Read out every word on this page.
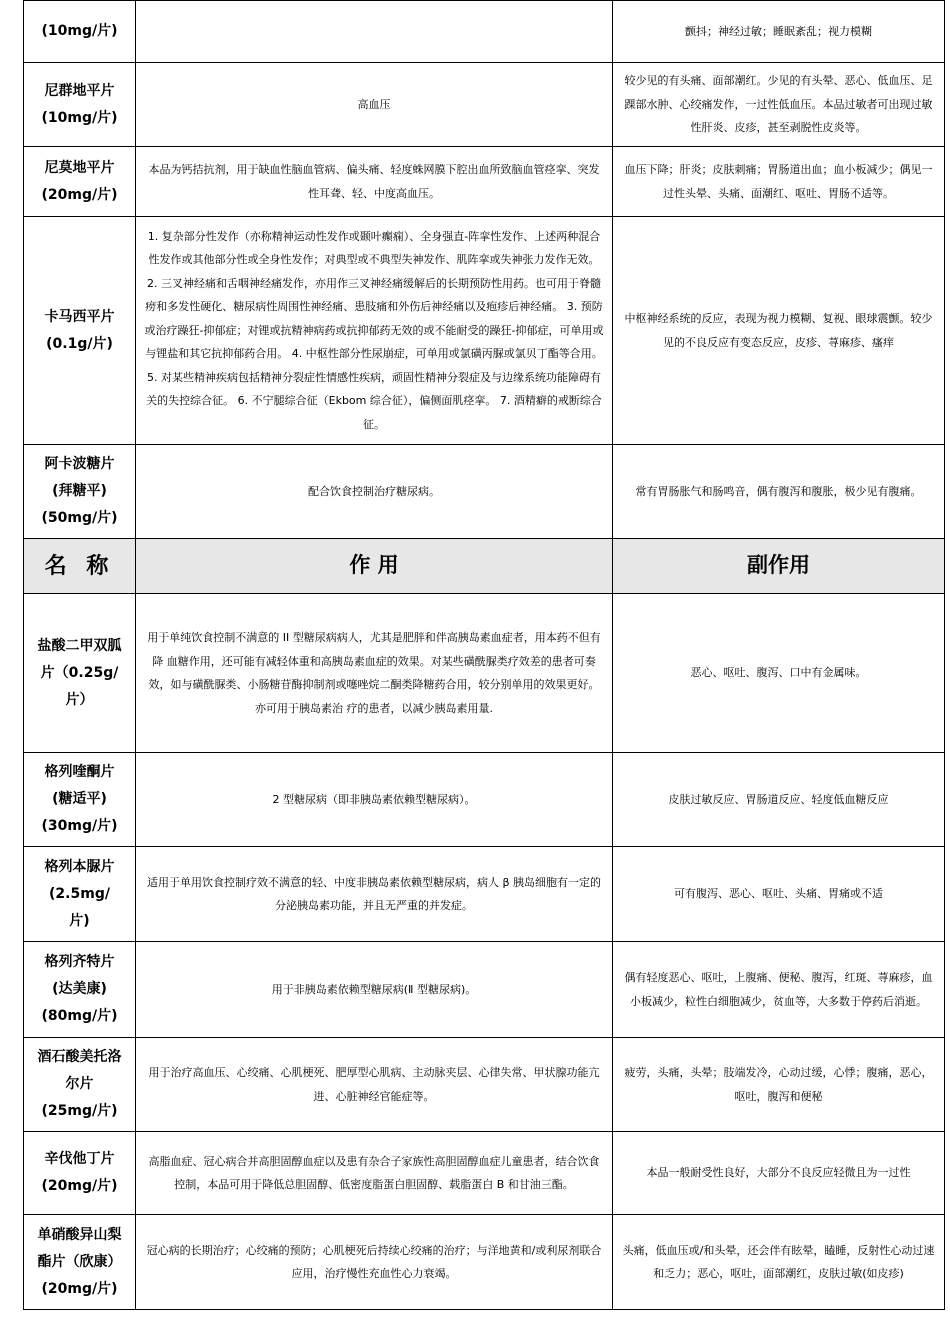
(10mg/片)		颤抖；神经过敏；睡眠紊乱；视力模糊

尼群地平片
(10mg/片)	高血压	较少见的有头痛、面部潮红。少见的有头晕、恶心、低血压、足踝部水肿、心绞痛发作，一过性低血压。本品过敏者可出现过敏性肝炎、皮疹，甚至剥脱性皮炎等。

尼莫地平片
(20mg/片)	本品为钙拮抗剂，用于缺血性脑血管病、偏头痛、轻度蛛网膜下腔出血所致脑血管痉挛、突发性耳聋、轻、中度高血压。	血压下降；肝炎；皮肤刺痛；胃肠道出血；血小板减少；偶见一过性头晕、头痛、面潮红、呕吐、胃肠不适等。

卡马西平片
(0.1g/片)	1. 复杂部分性发作（亦称精神运动性发作或颞叶癫痫）、全身强直-阵挛性发作、上述两种混合性发作或其他部分性或全身性发作；对典型或不典型失神发作、肌阵挛或失神张力发作无效。 2. 三叉神经痛和舌咽神经痛发作，亦用作三叉神经痛缓解后的长期预防性用药。也可用于脊髓痨和多发性硬化、糖尿病性周围性神经痛、患肢痛和外伤后神经痛以及疱疹后神经痛。 3. 预防或治疗躁狂-抑郁症；对锂或抗精神病药或抗抑郁药无效的或不能耐受的躁狂-抑郁症，可单用或与锂盐和其它抗抑郁药合用。 4. 中枢性部分性尿崩症，可单用或氯磺丙脲或氯贝丁酯等合用。 5. 对某些精神疾病包括精神分裂症性情感性疾病，顽固性精神分裂症及与边缘系统功能障碍有关的失控综合征。 6. 不宁腿综合征（Ekbom 综合征），偏侧面肌痉挛。 7. 酒精癖的戒断综合征。	中枢神经系统的反应，表现为视力模糊、复视、眼球震颤。较少见的不良反应有变态反应，皮疹、荨麻疹、瘙痒

阿卡波糖片
(拜糖平)
(50mg/片)	配合饮食控制治疗糖尿病。	常有胃肠胀气和肠鸣音，偶有腹泻和腹胀，极少见有腹痛。
名 称	作 用	副作用

盐酸二甲双胍
片（0.25g/
片）	用于单纯饮食控制不满意的 II 型糖尿病病人，尤其是肥胖和伴高胰岛素血症者，用本药不但有降 血糖作用，还可能有减轻体重和高胰岛素血症的效果。对某些磺酰脲类疗效差的患者可奏效，如与磺酰脲类、小肠糖苷酶抑制剂或噻唑烷二酮类降糖药合用，较分别单用的效果更好。亦可用于胰岛素治 疗的患者，以减少胰岛素用量.	恶心、呕吐、腹泻、口中有金属味。

格列喹酮片
(糖适平)
(30mg/片)	2 型糖尿病（即非胰岛素依赖型糖尿病）。	皮肤过敏反应、胃肠道反应、轻度低血糖反应

格列本脲片
(2.5mg/
片)	适用于单用饮食控制疗效不满意的轻、中度非胰岛素依赖型糖尿病，病人 β 胰岛细胞有一定的分泌胰岛素功能，并且无严重的并发症。	可有腹泻、恶心、呕吐、头痛、胃痛或不适

格列齐特片
(达美康)
(80mg/片)	用于非胰岛素依赖型糖尿病(Ⅱ 型糖尿病)。	偶有轻度恶心、呕吐，上腹痛、便秘、腹泻，红斑、荨麻疹，血小板减少，粒性白细胞减少，贫血等，大多数于停药后消逝。

酒石酸美托洛
尔片
(25mg/片)	用于治疗高血压、心绞痛、心肌梗死、肥厚型心肌病、主动脉夹层、心律失常、甲状腺功能亢进、心脏神经官能症等。	疲劳，头痛，头晕；肢端发冷，心动过缓，心悸；腹痛，恶心，呕吐，腹泻和便秘

辛伐他丁片
(20mg/片)	高脂血症、冠心病合并高胆固醇血症以及患有杂合子家族性高胆固醇血症儿童患者，结合饮食控制，本品可用于降低总胆固醇、低密度脂蛋白胆固醇、载脂蛋白 B 和甘油三酯。	本品一般耐受性良好，大部分不良反应轻微且为一过性

单硝酸异山梨
酯片（欣康）
(20mg/片)	冠心病的长期治疗；心绞痛的预防；心肌梗死后持续心绞痛的治疗；与洋地黄和/或利尿剂联合应用，治疗慢性充血性心力衰竭。	头痛，低血压或/和头晕，还会伴有眩晕，瞌睡，反射性心动过速和乏力；恶心，呕吐，面部潮红，皮肤过敏(如皮疹)
